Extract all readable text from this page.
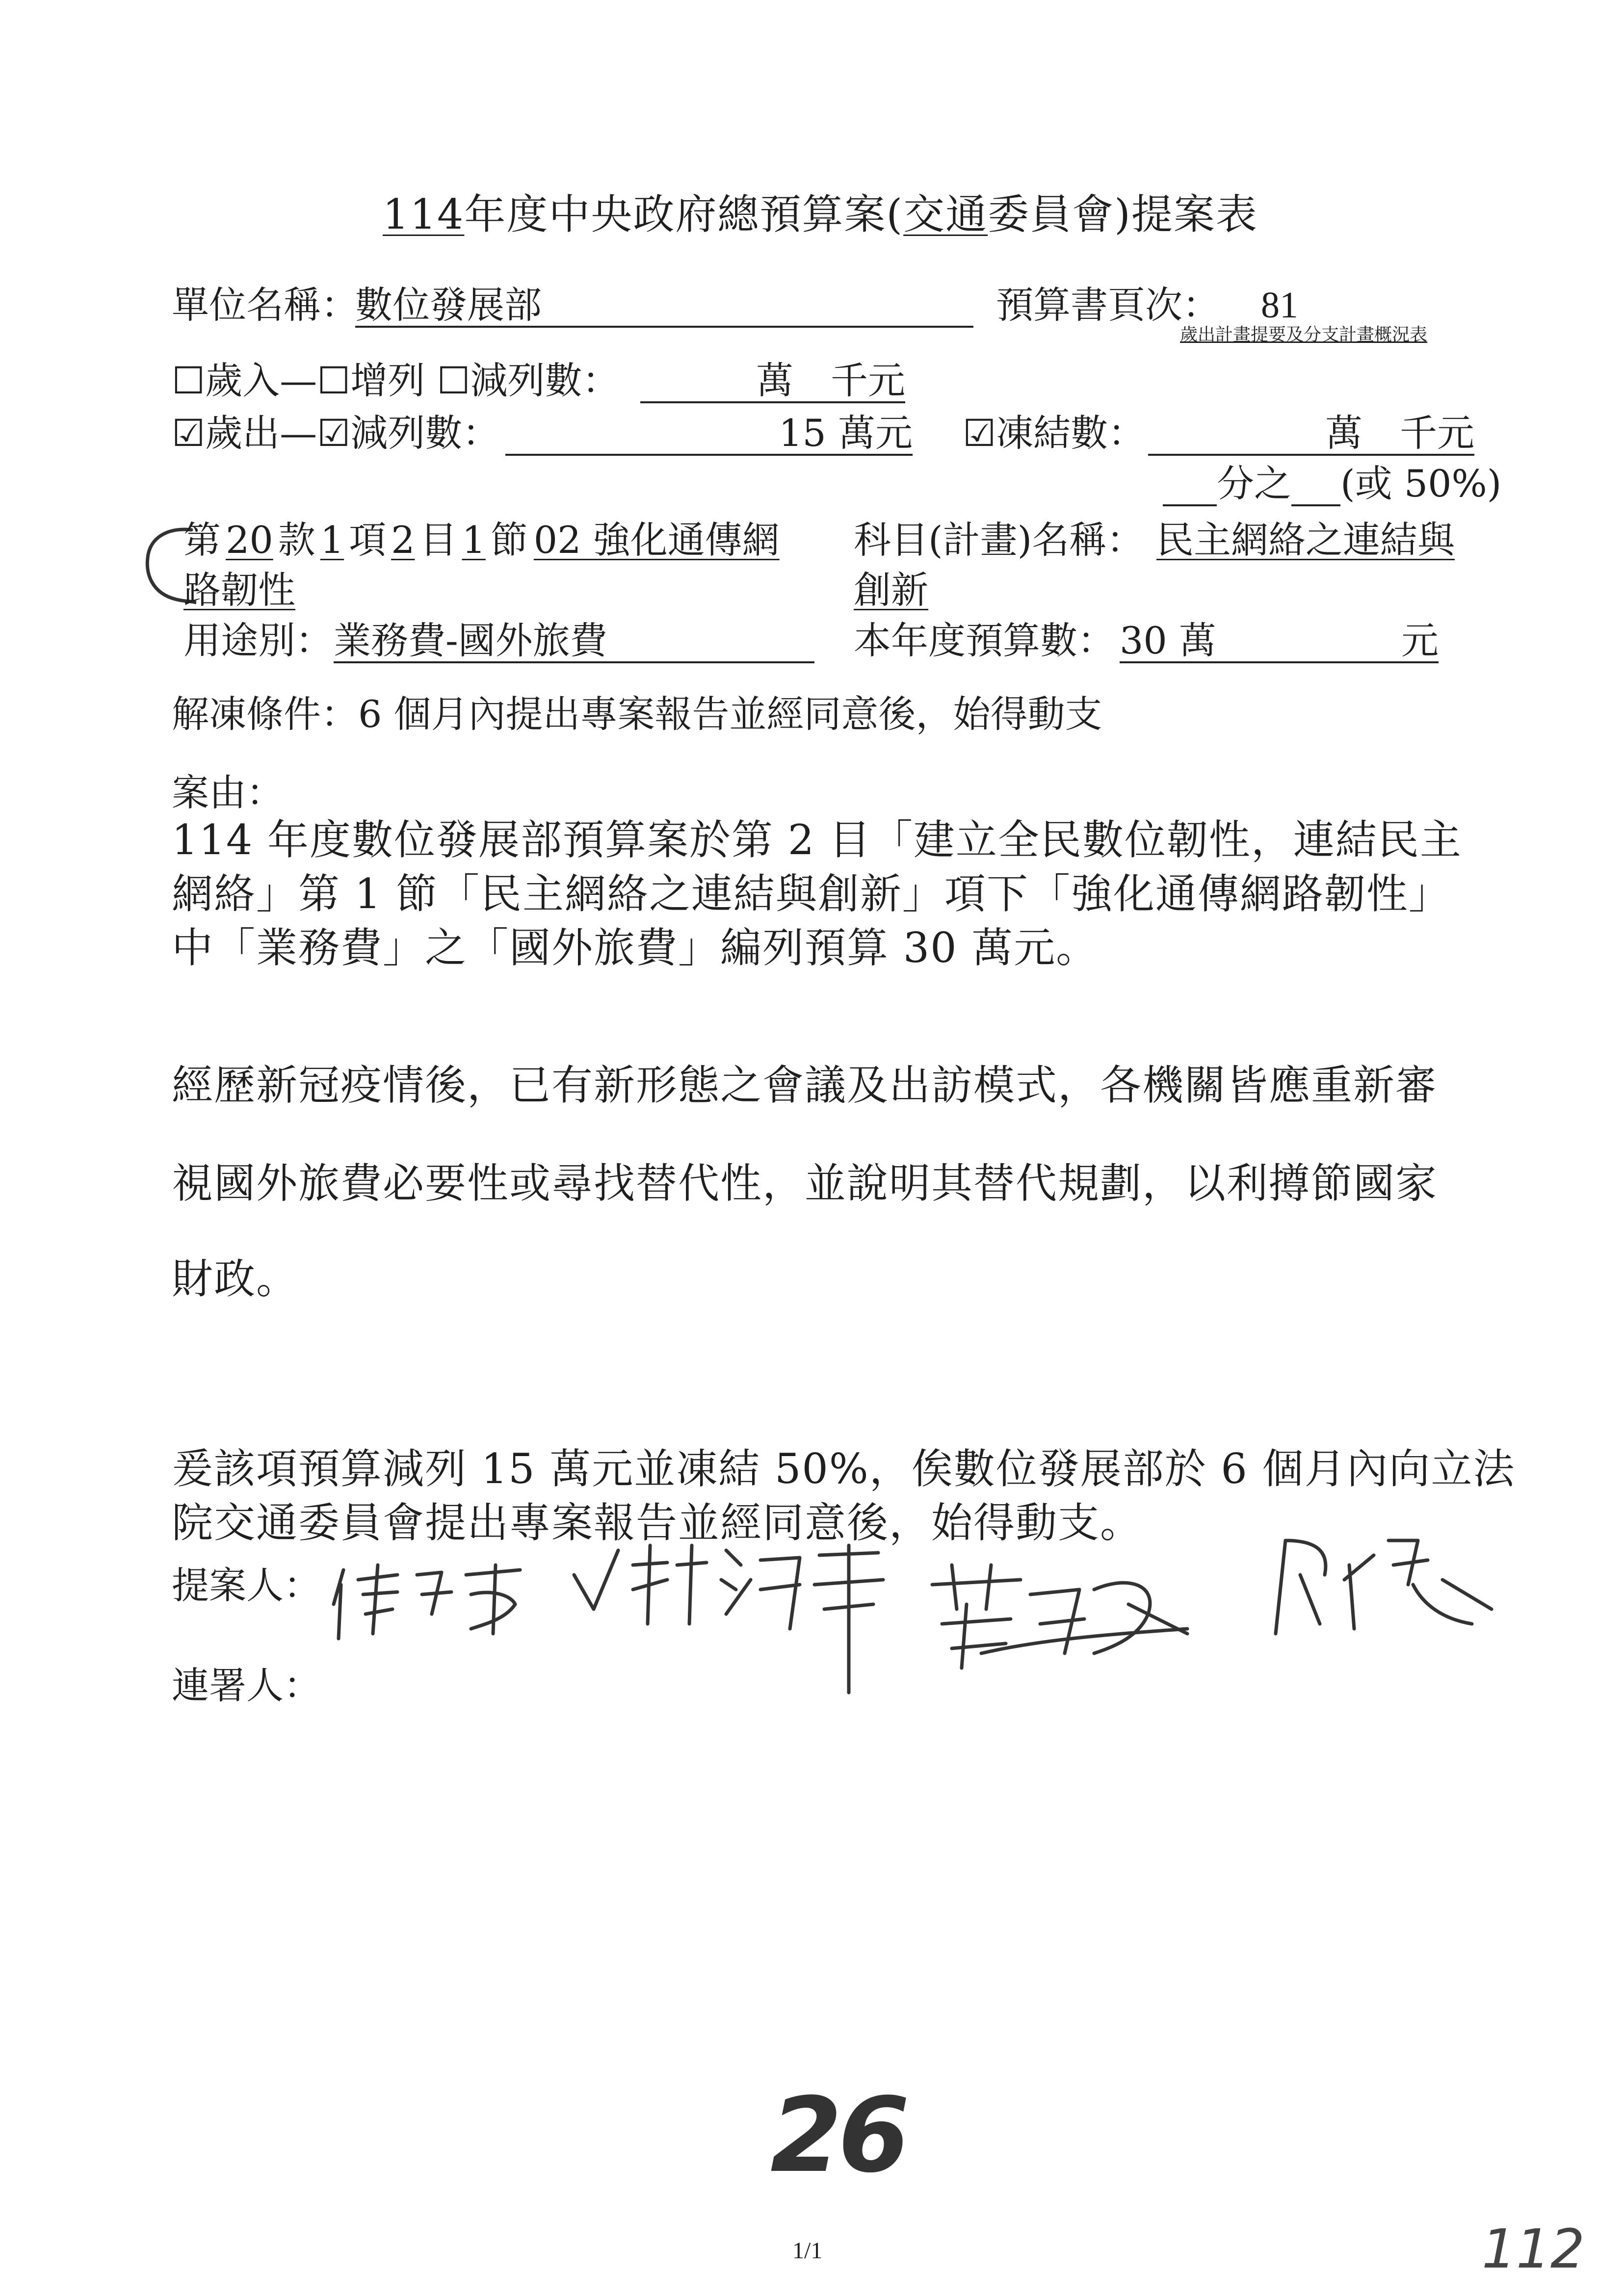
114年度中央政府總預算案(交通委員會)提案表
單位名稱：
數位發展部	預算書頁次： 81
歲出計畫提要及分支計畫概況表
☐歲入—☐增列 ☐減列數：	萬　千元
☑歲出—☑減列數：	15 萬元 ☑凍結數：	萬　千元
分之 (或 50%)
第 20 款 1 項 2 目 1 節 02 強化通傳網
路韌性
科目(計畫)名稱： 民主網絡之連結與
創新
用途別： 業務費-國外旅費	本年度預算數： 30 萬	元
解凍條件：6 個月內提出專案報告並經同意後，始得動支
案由：
114 年度數位發展部預算案於第 2 目「建立全民數位韌性，連結民主
網絡」第 1 節「民主網絡之連結與創新」項下「強化通傳網路韌性」
中「業務費」之「國外旅費」編列預算 30 萬元。
經歷新冠疫情後，已有新形態之會議及出訪模式，各機關皆應重新審
視國外旅費必要性或尋找替代性，並說明其替代規劃，以利撙節國家
財政。
爰該項預算減列 15 萬元並凍結 50%，俟數位發展部於 6 個月內向立法
院交通委員會提出專案報告並經同意後，始得動支。
提案人：
連署人：
26
1/1	112
